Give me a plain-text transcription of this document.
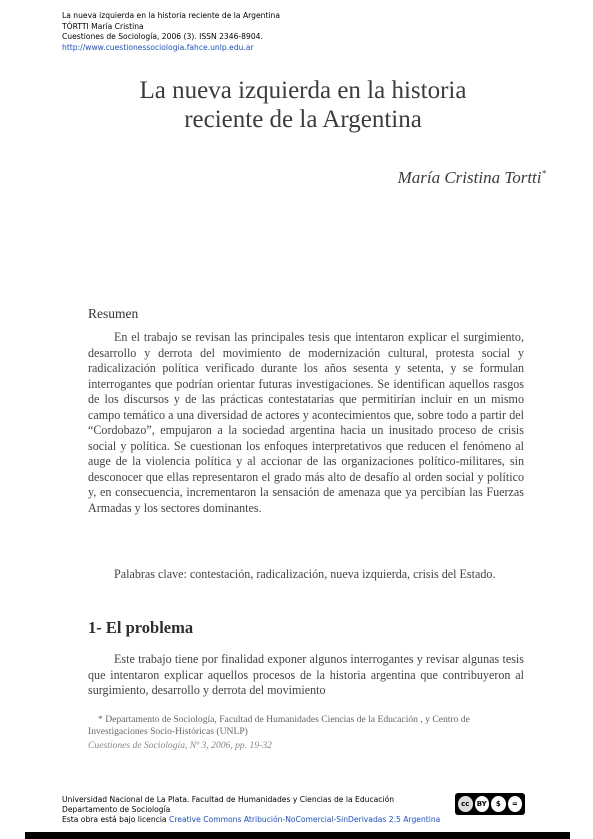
La nueva izquierda en la historia reciente de la Argentina
TÓRTTI María Cristina
Cuestiones de Sociología, 2006 (3). ISSN 2346-8904.
http://www.cuestionessociologia.fahce.unlp.edu.ar
La nueva izquierda en la historia
reciente de la Argentina
María Cristina Tortti*
Resumen

En el trabajo se revisan las principales tesis que intentaron explicar el surgimiento, desarrollo y derrota del movimiento de modernización cultural, protesta social y radicalización política verificado durante los años sesenta y setenta, y se formulan interrogantes que podrían orientar futuras investigaciones. Se identifican aquellos rasgos de los discursos y de las prácticas contestatarias que permitirían incluir en un mismo campo temático a una diversidad de actores y acontecimientos que, sobre todo a partir del “Cordobazo”, empujaron a la sociedad argentina hacia un inusitado proceso de crisis social y política. Se cuestionan los enfoques interpretativos que reducen el fenómeno al auge de la violencia política y al accionar de las organizaciones político-militares, sin desconocer que ellas representaron el grado más alto de desafío al orden social y político y, en consecuencia, incrementaron la sensación de amenaza que ya percibían las Fuerzas Armadas y los sectores dominantes.

Palabras clave: contestación, radicalización, nueva izquierda, crisis del Estado.

1- El problema

Este trabajo tiene por finalidad exponer algunos interrogantes y revisar algunas tesis que intentaron explicar aquellos procesos de la historia argentina que contribuyeron al surgimiento, desarrollo y derrota del movimiento

* Departamento de Sociología, Facultad de Humanidades Ciencias de la Educación , y Centro de Investigaciones Socio-Históricas (UNLP)

Cuestiones de Sociología, Nº 3, 2006, pp. 19-32
Universidad Nacional de La Plata. Facultad de Humanidades y Ciencias de la Educación
Departamento de Sociología
Esta obra está bajo licencia Creative Commons Atribución-NoComercial-SinDerivadas 2.5 Argentina
cc	BY	$	=
